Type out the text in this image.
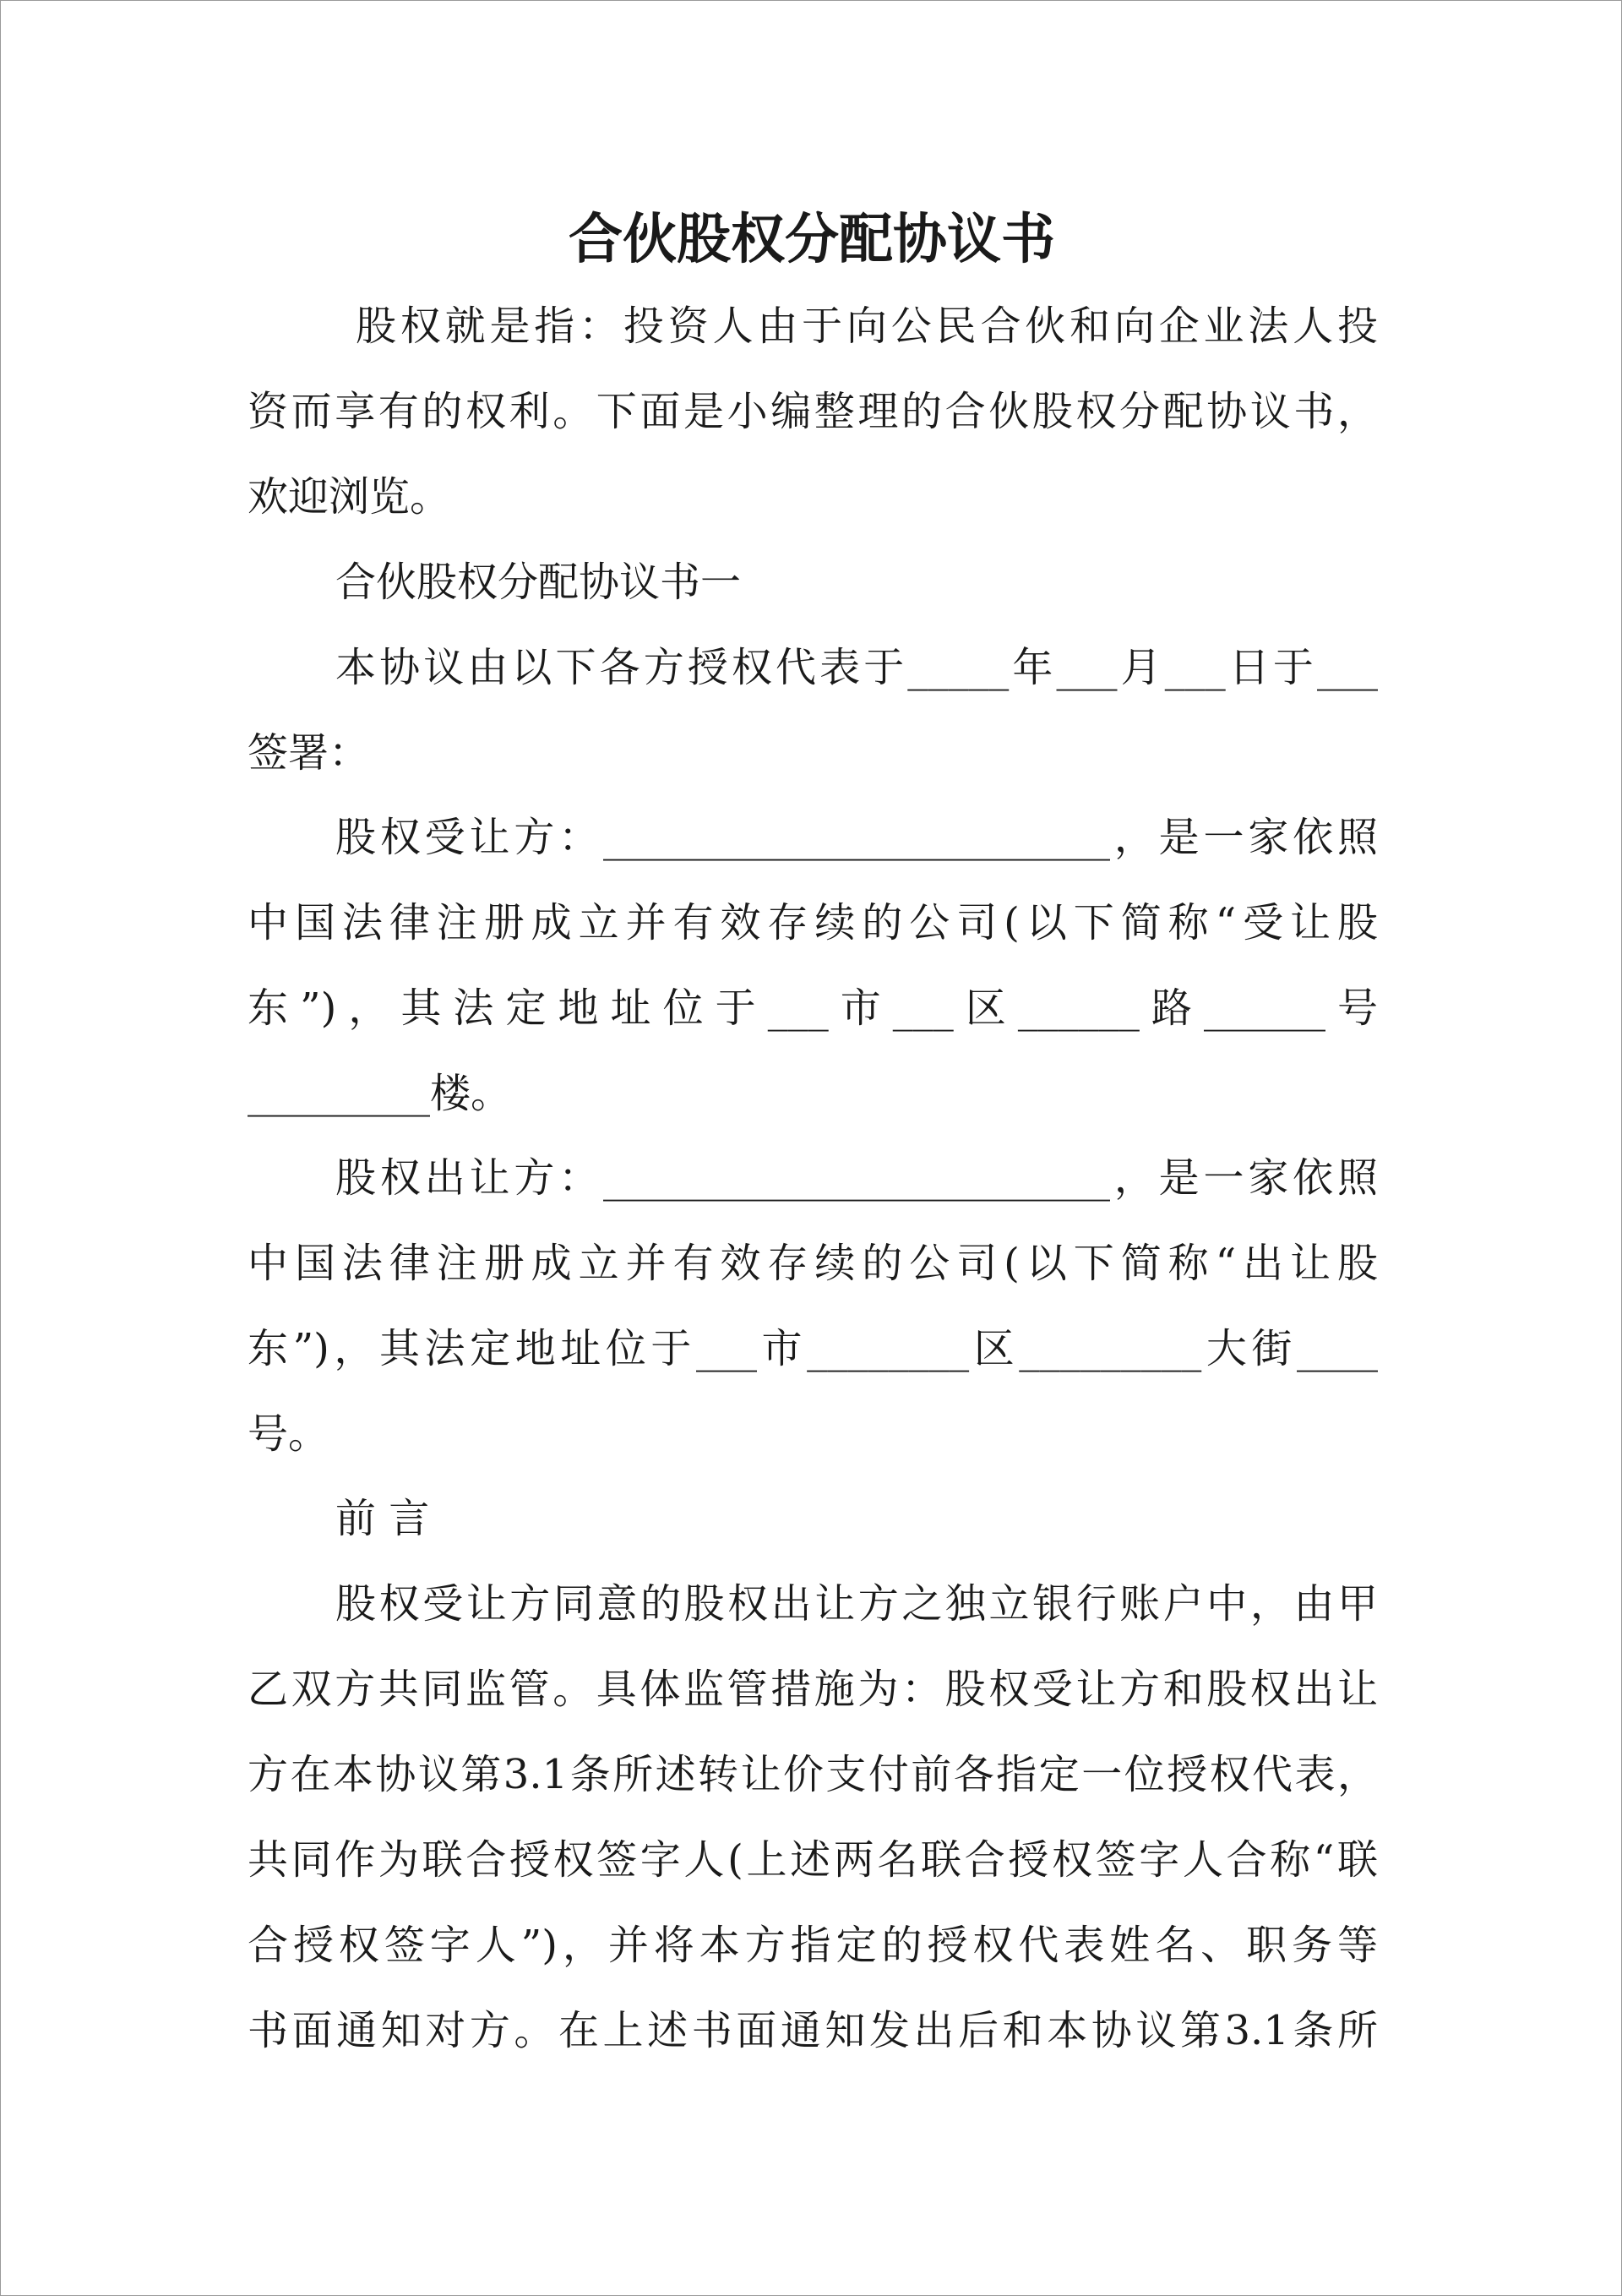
合伙股权分配协议书
股权就是指：投资人由于向公民合伙和向企业法人投
资而享有的权利。下面是小编整理的合伙股权分配协议书，
欢迎浏览。
合伙股权分配协议书一
本协议由以下各方授权代表于_____年___月___日于___
签署：
股权受让方：_________________________，是一家依照
中国法律注册成立并有效存续的公司(以下简称“受让股
东”)，其法定地址位于___市___区______路______号
_________楼。
股权出让方：_________________________，是一家依照
中国法律注册成立并有效存续的公司(以下简称“出让股
东”)，其法定地址位于___市________区_________大街____
号。
前 言
股权受让方同意的股权出让方之独立银行账户中，由甲
乙双方共同监管。具体监管措施为：股权受让方和股权出让
方在本协议第3.1条所述转让价支付前各指定一位授权代表，
共同作为联合授权签字人(上述两名联合授权签字人合称“联
合授权签字人”)，并将本方指定的授权代表姓名、职务等
书面通知对方。在上述书面通知发出后和本协议第3.1条所
